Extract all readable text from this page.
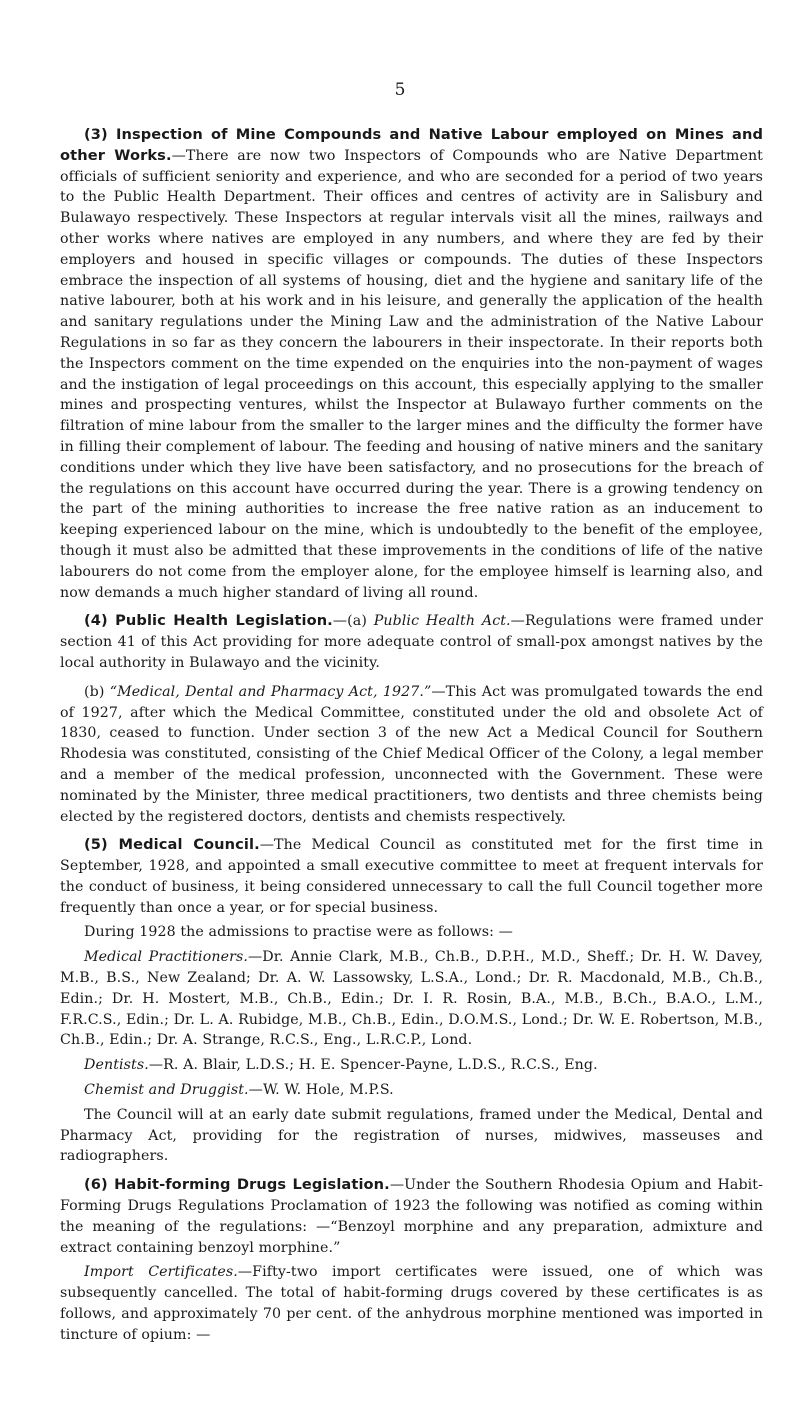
5

(3) Inspection of Mine Compounds and Native Labour employed on Mines and other Works.—There are now two Inspectors of Compounds who are Native Department officials of sufficient seniority and experience, and who are seconded for a period of two years to the Public Health Department. Their offices and centres of activity are in Salisbury and Bulawayo respectively. These Inspectors at regular intervals visit all the mines, railways and other works where natives are employed in any numbers, and where they are fed by their employers and housed in specific villages or compounds. The duties of these Inspectors embrace the inspection of all systems of housing, diet and the hygiene and sanitary life of the native labourer, both at his work and in his leisure, and generally the application of the health and sanitary regulations under the Mining Law and the administration of the Native Labour Regulations in so far as they concern the labourers in their inspectorate. In their reports both the Inspectors comment on the time expended on the enquiries into the non-payment of wages and the instigation of legal proceedings on this account, this especially applying to the smaller mines and prospecting ventures, whilst the Inspector at Bulawayo further comments on the filtration of mine labour from the smaller to the larger mines and the difficulty the former have in filling their complement of labour. The feeding and housing of native miners and the sanitary conditions under which they live have been satisfactory, and no prosecutions for the breach of the regulations on this account have occurred during the year. There is a growing tendency on the part of the mining authorities to increase the free native ration as an inducement to keeping experienced labour on the mine, which is undoubtedly to the benefit of the employee, though it must also be admitted that these improvements in the conditions of life of the native labourers do not come from the employer alone, for the employee himself is learning also, and now demands a much higher standard of living all round.

(4) Public Health Legislation.—(a) Public Health Act.—Regulations were framed under section 41 of this Act providing for more adequate control of small-pox amongst natives by the local authority in Bulawayo and the vicinity.

(b) “Medical, Dental and Pharmacy Act, 1927.”—This Act was promulgated towards the end of 1927, after which the Medical Committee, constituted under the old and obsolete Act of 1830, ceased to function. Under section 3 of the new Act a Medical Council for Southern Rhodesia was constituted, consisting of the Chief Medical Officer of the Colony, a legal member and a member of the medical profession, unconnected with the Government. These were nominated by the Minister, three medical practitioners, two dentists and three chemists being elected by the registered doctors, dentists and chemists respectively.

(5) Medical Council.—The Medical Council as constituted met for the first time in September, 1928, and appointed a small executive committee to meet at frequent intervals for the conduct of business, it being considered unnecessary to call the full Council together more frequently than once a year, or for special business.

During 1928 the admissions to practise were as follows: —

Medical Practitioners.—Dr. Annie Clark, M.B., Ch.B., D.P.H., M.D., Sheff.; Dr. H. W. Davey, M.B., B.S., New Zealand; Dr. A. W. Lassowsky, L.S.A., Lond.; Dr. R. Macdonald, M.B., Ch.B., Edin.; Dr. H. Mostert, M.B., Ch.B., Edin.; Dr. I. R. Rosin, B.A., M.B., B.Ch., B.A.O., L.M., F.R.C.S., Edin.; Dr. L. A. Rubidge, M.B., Ch.B., Edin., D.O.M.S., Lond.; Dr. W. E. Robertson, M.B., Ch.B., Edin.; Dr. A. Strange, R.C.S., Eng., L.R.C.P., Lond.

Dentists.—R. A. Blair, L.D.S.; H. E. Spencer-Payne, L.D.S., R.C.S., Eng.

Chemist and Druggist.—W. W. Hole, M.P.S.

The Council will at an early date submit regulations, framed under the Medical, Dental and Pharmacy Act, providing for the registration of nurses, midwives, masseuses and radiographers.

(6) Habit-forming Drugs Legislation.—Under the Southern Rhodesia Opium and Habit-Forming Drugs Regulations Proclamation of 1923 the following was notified as coming within the meaning of the regulations: —“Benzoyl morphine and any preparation, admixture and extract containing benzoyl morphine.”

Import Certificates.—Fifty-two import certificates were issued, one of which was subsequently cancelled. The total of habit-forming drugs covered by these certificates is as follows, and approximately 70 per cent. of the anhydrous morphine mentioned was imported in tincture of opium: —
